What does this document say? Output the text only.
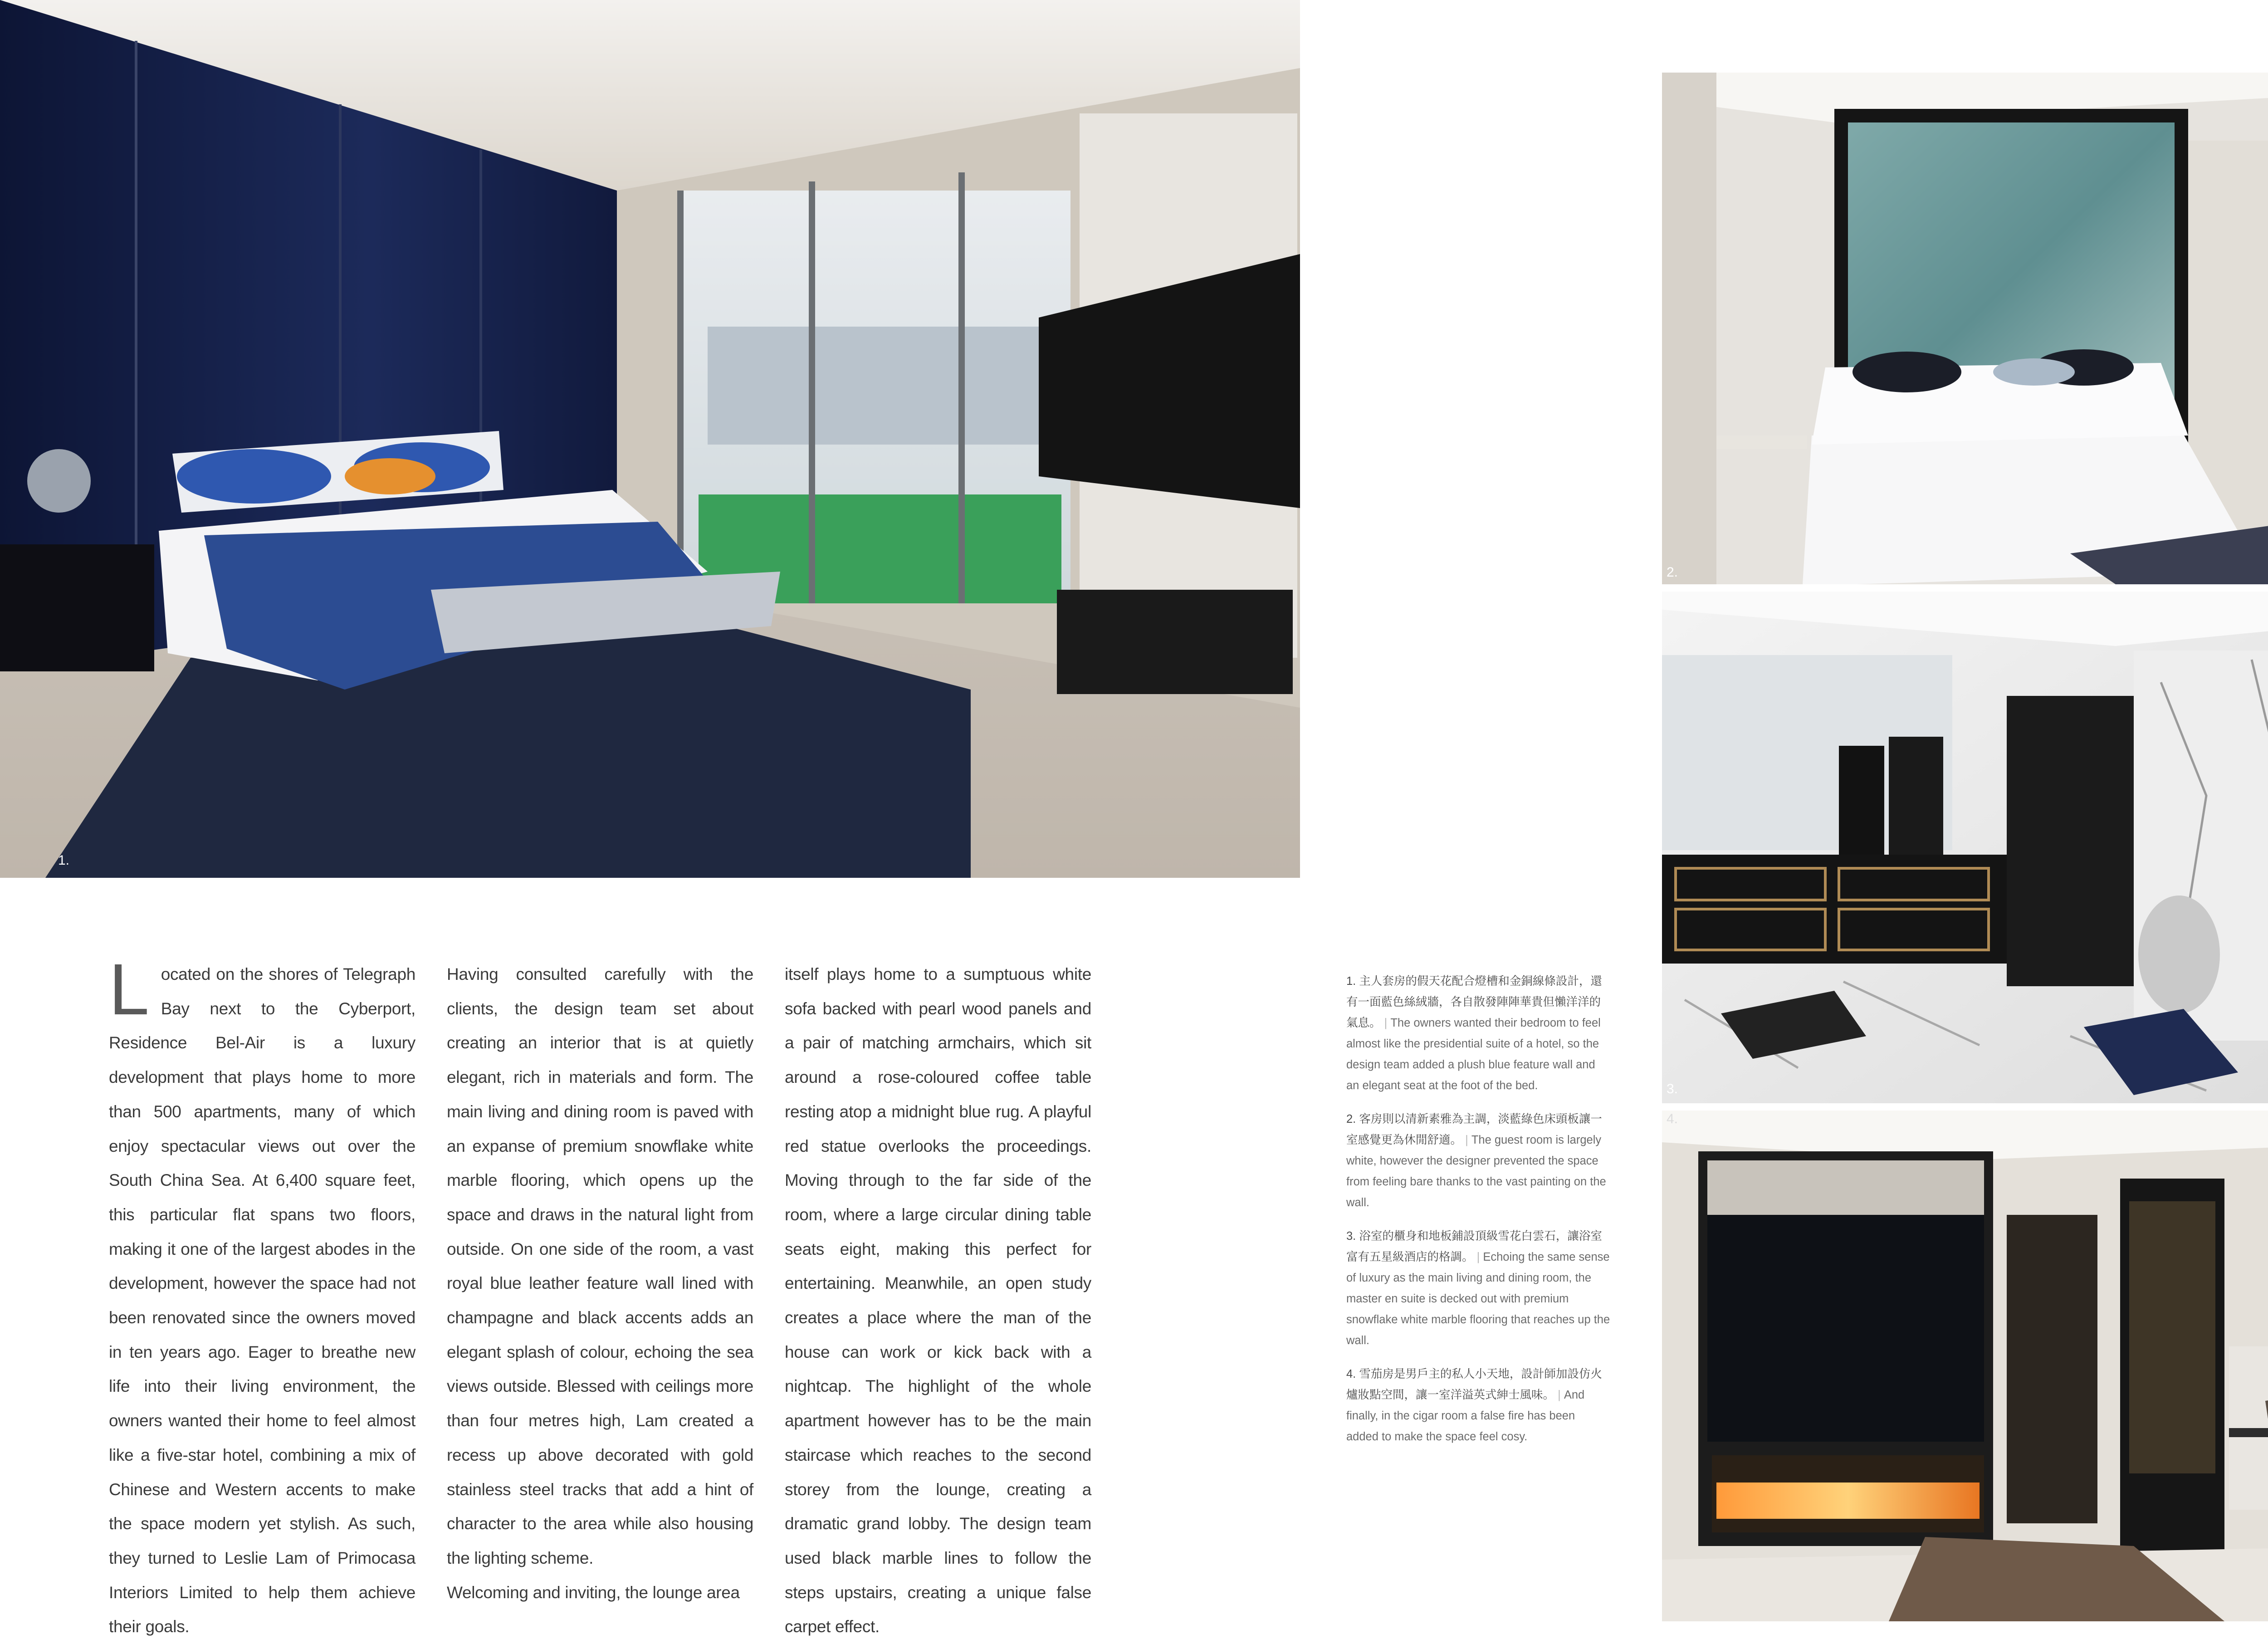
1.
2.
3.
4.
L ocated on the shores of Telegraph Bay next to the Cyberport, Residence Bel-Air is a luxury development that plays home to more than 500 apartments, many of which enjoy spectacular views out over the South China Sea. At 6,400 square feet, this particular flat spans two floors, making it one of the largest abodes in the development, however the space had not been renovated since the owners moved in ten years ago. Eager to breathe new life into their living environment, the owners wanted their home to feel almost like a five-star hotel, combining a mix of Chinese and Western accents to make the space modern yet stylish. As such, they turned to Leslie Lam of Primocasa Interiors Limited to help them achieve their goals.

Having consulted carefully with the clients, the design team set about creating an interior that is at quietly elegant, rich in materials and form. The main living and dining room is paved with an expanse of premium snowflake white marble flooring, which opens up the space and draws in the natural light from outside. On one side of the room, a vast royal blue leather feature wall lined with champagne and black accents adds an elegant splash of colour, echoing the sea views outside. Blessed with ceilings more than four metres high, Lam created a recess up above decorated with gold stainless steel tracks that add a hint of character to the area while also housing the lighting scheme.

Welcoming and inviting, the lounge area

itself plays home to a sumptuous white sofa backed with pearl wood panels and a pair of matching armchairs, which sit around a rose-coloured coffee table resting atop a midnight blue rug. A playful red statue overlooks the proceedings. Moving through to the far side of the room, where a large circular dining table seats eight, making this perfect for entertaining. Meanwhile, an open study creates a place where the man of the house can work or kick back with a nightcap. The highlight of the whole apartment however has to be the main staircase which reaches to the second storey from the lounge, creating a dramatic grand lobby. The design team used black marble lines to follow the steps upstairs, creating a unique false carpet effect.

1. 主人套房的假天花配合燈槽和金銅線條設計，還有一面藍色絲絨牆，各自散發陣陣華貴但懶洋洋的氣息。 | The owners wanted their bedroom to feel almost like the presidential suite of a hotel, so the design team added a plush blue feature wall and an elegant seat at the foot of the bed.

2. 客房則以清新素雅為主調，淡藍綠色床頭板讓一室感覺更為休閒舒適。 | The guest room is largely white, however the designer prevented the space from feeling bare thanks to the vast painting on the wall.

3. 浴室的櫃身和地板鋪設頂級雪花白雲石，讓浴室富有五星級酒店的格調。 | Echoing the same sense of luxury as the main living and dining room, the master en suite is decked out with premium snowflake white marble flooring that reaches up the wall.

4. 雪茄房是男戶主的私人小天地，設計師加設仿火爐妝點空間，讓一室洋溢英式紳士風味。 | And finally, in the cigar room a false fire has been added to make the space feel cosy.
